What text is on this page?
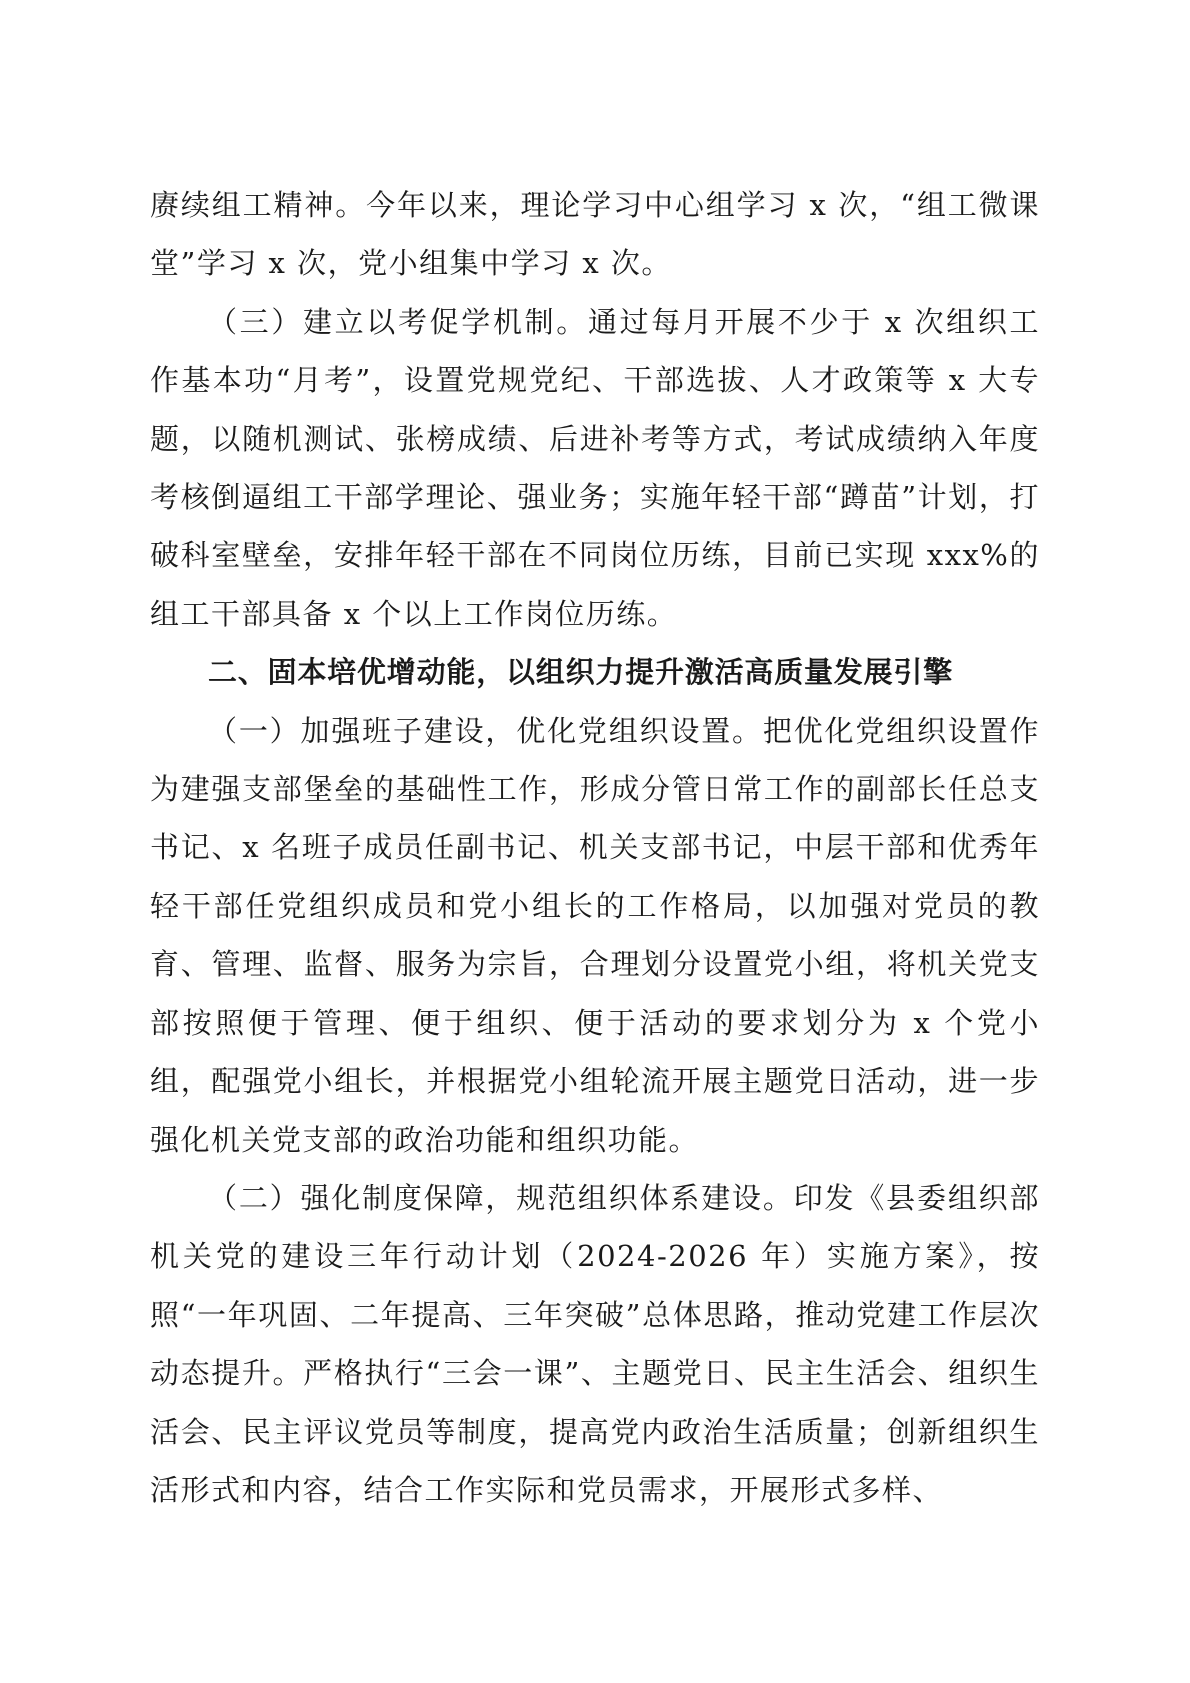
赓续组工精神。今年以来，理论学习中心组学习 x 次，“组工微课堂”学习 x 次，党小组集中学习 x 次。

（三）建立以考促学机制。通过每月开展不少于 x 次组织工作基本功“月考”，设置党规党纪、干部选拔、人才政策等 x 大专题，以随机测试、张榜成绩、后进补考等方式，考试成绩纳入年度考核倒逼组工干部学理论、强业务；实施年轻干部“蹲苗”计划，打破科室壁垒，安排年轻干部在不同岗位历练，目前已实现 xxx%的组工干部具备 x 个以上工作岗位历练。

二、固本培优增动能，以组织力提升激活高质量发展引擎

（一）加强班子建设，优化党组织设置。把优化党组织设置作为建强支部堡垒的基础性工作，形成分管日常工作的副部长任总支书记、x 名班子成员任副书记、机关支部书记，中层干部和优秀年轻干部任党组织成员和党小组长的工作格局，以加强对党员的教育、管理、监督、服务为宗旨，合理划分设置党小组，将机关党支部按照便于管理、便于组织、便于活动的要求划分为 x 个党小组，配强党小组长，并根据党小组轮流开展主题党日活动，进一步强化机关党支部的政治功能和组织功能。

（二）强化制度保障，规范组织体系建设。印发《县委组织部机关党的建设三年行动计划（2024-2026 年）实施方案》，按照“一年巩固、二年提高、三年突破”总体思路，推动党建工作层次动态提升。严格执行“三会一课”、主题党日、民主生活会、组织生活会、民主评议党员等制度，提高党内政治生活质量；创新组织生活形式和内容，结合工作实际和党员需求，开展形式多样、
